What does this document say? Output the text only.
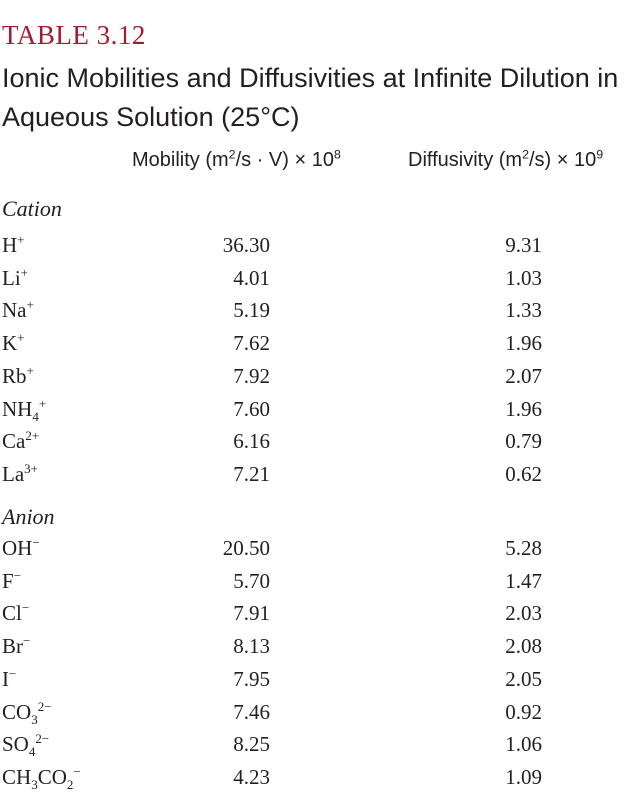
TABLE 3.12
Ionic Mobilities and Diffusivities at Infinite Dilution in Aqueous Solution (25°C)
Mobility $(m^2/s \cdot V) \times 10^8$	Diffusivity $(m^2/s) \times 10^9$
Cation
H+	36.30	9.31
Li+	4.01	1.03
Na+	5.19	1.33
K+	7.62	1.96
Rb+	7.92	2.07
$NH_4^+$	7.60	1.96
$Ca^{2+}$	6.16	0.79
$La^{3+}$	7.21	0.62
Anion
OH−	20.50	5.28
F−	5.70	1.47
Cl−	7.91	2.03
Br−	8.13	2.08
I−	7.95	2.05
$CO_3^{2-}$	7.46	0.92
$SO_4^{2-}$	8.25	1.06
$CH_3CO_2^-$	4.23	1.09
